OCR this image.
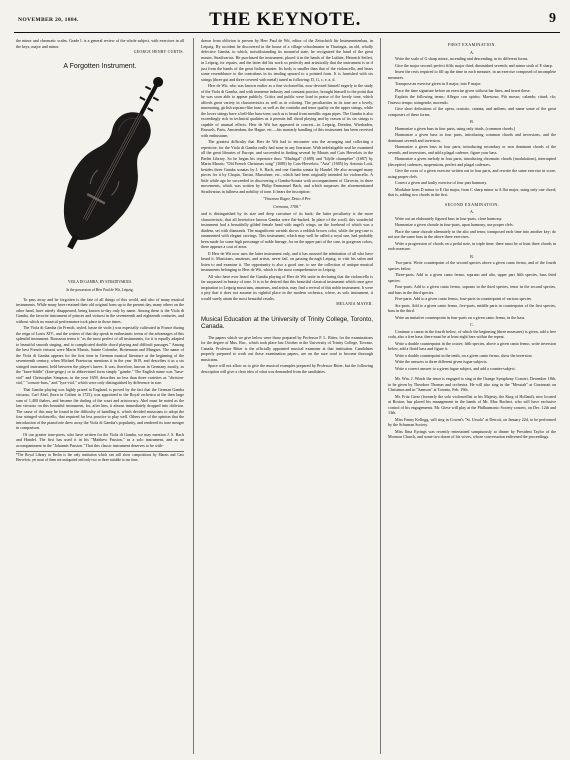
NOVEMBER 20, 1884.	THE KEYNOTE.	9

the minor and chromatic scales. Grade I. is a general review of the whole subject, with exercises in all the keys, major and minor.

GEORGE HENRY CURTIS.

A Forgotten Instrument.

VIOLA DI GAMBA, BY STRADIVARIUS.

In the possession of Herr Paul de Wit, Leipzig.

To pass away and be forgotten is the fate of all things of this world, and also of many musical instruments. While many have retained their old original form up to the present day, many others on the other hand, have utterly disappeared, being known to-day only by name. Among these is the Viola di Gamba, the favorite instrument of princes and virtuosi in the seventeenth and eighteenth centuries, and without which no musical performance took place in those times.

The Viola di Gamba (in French, styled, basse de viole,) was especially cultivated in France during the reign of Louis XIV., and the writers of that day speak in enthusiastic terms of the advantages of this splendid instrument. Rousseau terms it "as the most perfect of all instruments, for it is equally adapted to beautiful smooth singing, and to complicated double chord playing and difficult passages." Among the best French virtuosi were Marin Marais, Sainte Colombe, Hottemann and Mangars. The name of the Viola di Gamba appears for the first time in German musical literature at the beginning of the seventeenth century, when Michael Praetorius mentions it in the year 1619, and describes it as a six stringed instrument, held between the player's knees. It was, therefore, known in Germany mostly, as the "knee-fiddle" (knie-geige,) or in abbreviated form simply "gambe." The English name was "base-viol" and Christopher Simpson, in the year 1659, describes no less than three varieties as "division-viol," "consort-bass," and "lyra-viol," which were only distinguished by difference in size.

That Gamba playing was highly prized in England, is proved by the fact that the German Gamba virtuoso, Carl Abel, (born in Cothen in 1725), was appointed to the Royal orchestra at the then large sum of 1,400 thalers, and became the darling of the court and aristocracy. Abel must be noted as the last virtuoso on this beautiful instrument, for, after him, it almost immediately dropped into oblivion. The cause of this may be found in the difficulty of handling it, which decided musicians to adopt the four stringed violoncello, that required far less practice to play well. Others are of the opinion that the introduction of the pianoforte drew away the Viola di Gamba's popularity, and rendered its tone meagre in comparison.

Of our greater tone-poets, who have written for the Viola di Gamba, we may mention J. S. Bach and Handel. The first has used it in his "Matthew Passion," as a solo instrument, and as an accompaniment in the "Johannis Passion." That this classic instrument deserves to be with-

*The Royal Library in Berlin is the only institution which can still show compositions by Marais and Caix Hervelois; yet most of them are antiquated and only two or three suitable to our time.

drawn from oblivion is proven by Herr Paul de Wit, editor of the Zeitschrift für Instrumentenbau, in Leipzig. By accident he discovered in the house of a village schoolmaster in Thuringia, an old, wholly defective Gamba, to which, notwithstanding its mournful state, he recognized the hand of the great master, Stradivarius. He purchased the instrument, placed it in the hands of the Luthier, Heinrich Seifert, in Leipzig, for repairs, and the latter did his work so perfectly and artistically that the instrument is as if just from the hands of the great Italian master. Its body is smaller than that of the violoncello, and bears some resemblance to the contrabass in its tending upward to a pointed form. It is furnished with six strings (three gut and three covered with metal) tuned as following: D, G, c, e, a, d.

Herr de Wit, who was known earlier as a fine violoncellist, now devoted himself eagerly to the study of the Viola di Gamba, and with immense industry and constant practice, brought himself to the point that he was soon able to appear publicly. Critics and public were loud in praise of the lovely tone, which affords great variety in characteristics as well as in coloring. The peculiarities in its tone are a lovely, murmuring, girlish soprano-like tone, as well as the contralto and tenor quality on the upper strings, while the lower strings have a bell-like bass-tone, such as is heard from metallic organ pipes. The Gamba is also exceedingly rich in technical qualities as it permits full chord playing and by reason of its six strings is capable of unusual effects. Herr de Wit has appeared in concert—in Leipzig, Dresden, Wiesbaden, Brussels, Paris, Amsterdam, the Hague, etc.—his masterly handling of this instrument has been received with enthusiasm.

The greatest difficulty that Herr de Wit had to encounter was the arranging and collecting a repertoire, for the Viola di Gamba really had none in any literature. With indefatigable zeal he examined all the great libraries of Europe, and succeeded in finding several by Marais and Caix Hervelois in the Berlin Library. So he began his repertoire thus: "Madrigal" (1689) and "Idylle champêtre" (1687) by Marin Marais; "Old French Christmas song" (1680) by Caix-Hervelois; "Aria" (1685) by Antonio Lotti, besides three Gamba sonatas by J. S. Bach, and one Gamba sonata by Handel. He also arranged many pieces for it by Chopin, Tartini, Marschner, etc., which had been originally intended for violoncello. A little while ago he succeeded in discovering a Gamba-Sonata with accompaniment of Clavecin, in three movements, which was written by Philip Emmanuel Bach, and which surpasses the aforementioned Stradivarius in fullness and nobility of tone. It bears the inscription:

"Vincenzo Ruger, Detto il Per.

Cremona, 1708."

and is distinguished by its size and deep curvature of its back; the latter peculiarity is the more characteristic, that all heretofore known Gamba were flat-backed. In place of the scroll, this wonderful instrument had a beautifully gilded female head with angel's wings, on the forehead of which was a diadem, set with diamonds. The magnificent varnish shows a reddish brown color, while the peg-case is ornamented with elegant carvings. This instrument, which may well be called a royal one, had probably been made for some high personage of noble lineage, for on the upper part of the case, in gorgeous colors, there appears a coat of arms.

If Herr de Wit now uses the latter instrument only, and it has aroused the admiration of all who have heard it. Musicians, amateurs, and artists, never fail, on passing through Leipzig, to visit his salon and listen to and examine it. The opportunity is also a good one, to see the collection of antique musical instruments belonging to Herr de Wit, which is the most comprehensive in Leipzig.

All who have ever heard the Gamba playing of Herr de Wit unite in declaring that the violoncello is far surpassed in beauty of tone. It is to be desired that this beautiful classical instrument which once gave inspiration to Leipzig musicians, amateurs, and artists, may find a revival of this noble instrument. It were a pity that it does not assume its rightful place in the modern orchestra, where, as solo instrument, it would surely attain the most beautiful results.

MELANIA MAYER.

Musical Education at the University of Trinity College, Toronto, Canada.

The papers which we give below were those prepared by Professor F. L. Ritter, for the examinations for the degree of Mus. Bac., which took place last October at the University of Trinity College, Toronto, Canada. Professor Ritter is the officially appointed musical examiner at that institution. Candidates properly prepared to work out these examination papers, are on the sure road to become thorough musicians.

Space will not allow us to give the musical examples prepared by Professor Ritter, but the following description will give a clear idea of what was demanded from the candidates.

FIRST EXAMINATION.

A.

Write the scale of G sharp minor, ascending and descending, in its different forms.

Give the major second; perfect fifth; major third; diminished seventh; and minor sixth of E sharp.

Insert the rests required to fill up the time in each measure, in an exercise composed of incomplete measures.

Transpose an exercise given in A major, into F major.

Place the time signature before an exercise given without bar lines, and insert these.

Explain the following terms: Allegro con spirito; Maestoso; Più mosso; calando; ritard; rfz; l'istesso tempo; stringendo; morendo.

Give short definitions of the opera, oratorio, cantata, and anthem, and name some of the great composers of these forms.

B.

Harmonize a given bass in four parts, using only triads, (common chords.)

Harmonize a given bass in four parts, introducing common chords and inversions, and the dominant seventh and inversion.

Harmonize a given bass in four parts, introducing secondary or non dominant chords of the seventh, and inversions, and add a plagal cadence, figure your bass.

Harmonize a given melody in four parts, introducing chromatic chords (modulations), interrupted (deceptive) cadences, suspensions, perfect and plagal cadences.

Give the roots of a given exercise written out in four parts, and rewrite the same exercise in score, using proper clefs.

Correct a given and faulty exercise of four part harmony.

Modulate from D minor to E flat major, from C sharp minor to A flat major, using only one chord; that is, adding two chords in the first.

SECOND EXAMINATION.

A.

Write out an elaborately figured bass in four-parts, close harmony.

Harmonize a given chorale in four-parts, upon harmony, use proper clefs.

Place the same chorale alternately in the alto and tenor, transposed each time into another key; do not use the same bass in the above three exercises.

Write a progression of chords on a pedal note, in triple time; there must be at least three chords in each measure.

B.

Two-parts. Write counterpoint of the second species above a given canto fermo, and of the fourth species below.

Three-parts. Add to a given canto fermo, soprano and alto, upper part fifth species, bass third species.

Four-parts. Add to a given canto fermo, soprano in the third species, tenor in the second species, and bass in the third species.

Five-parts. Add to a given canto fermo, four-parts in counterpoint of various species.

Six-parts. Add to a given canto fermo, five-parts, middle parts in counterpoint of the first species, bass in the third.

Write an imitative counterpoint in four-parts on a given canto fermo, in the bass.

C.

Continue a canon in the fourth below, of which the beginning (three measures) is given, add a free coda, also a free bass; there must be at least eight bars within the repeat.

Write a double counterpoint in the octave, fifth species, above a given canto fermo, write inversion below, add a florid bass and figure it.

Write a double counterpoint in the tenth, on a given canto fermo, show the inversion.

Write the answers to three different given fugue subjects.

Write a correct answer to a given fugue subject, and add a counter-subject.

Mr. Wm. J. Winch the tenor is engaged to sing at the Orange Symphony Concert, December 18th, to be given by Theodore Thomas and orchestra. He will also sing in the "Messiah" at Cincinnati on Christmas and in "Samson" at Toronto, Feb. 19th.

Mr. Fritz Giese (formerly the solo violoncellist to his Majesty, the King of Holland), now located at Boston, has placed his management in the hands of Mr. Max Bachert, who will have exclusive control of his engagements. Mr. Giese will play at the Philharmonic Society concert, on Dec. 12th and 13th.

Miss Fanny Kellogg, will sing in Cowen's "St. Ursula" at Detroit, on January 22d, to be performed by the Schuman Society.

Miss Ilma Eyrings was recently entertained sumptuously at dinner by President Taylor of the Mormon Church, and some two dozen of his wives, whose conversation enlivened the proceedings.
